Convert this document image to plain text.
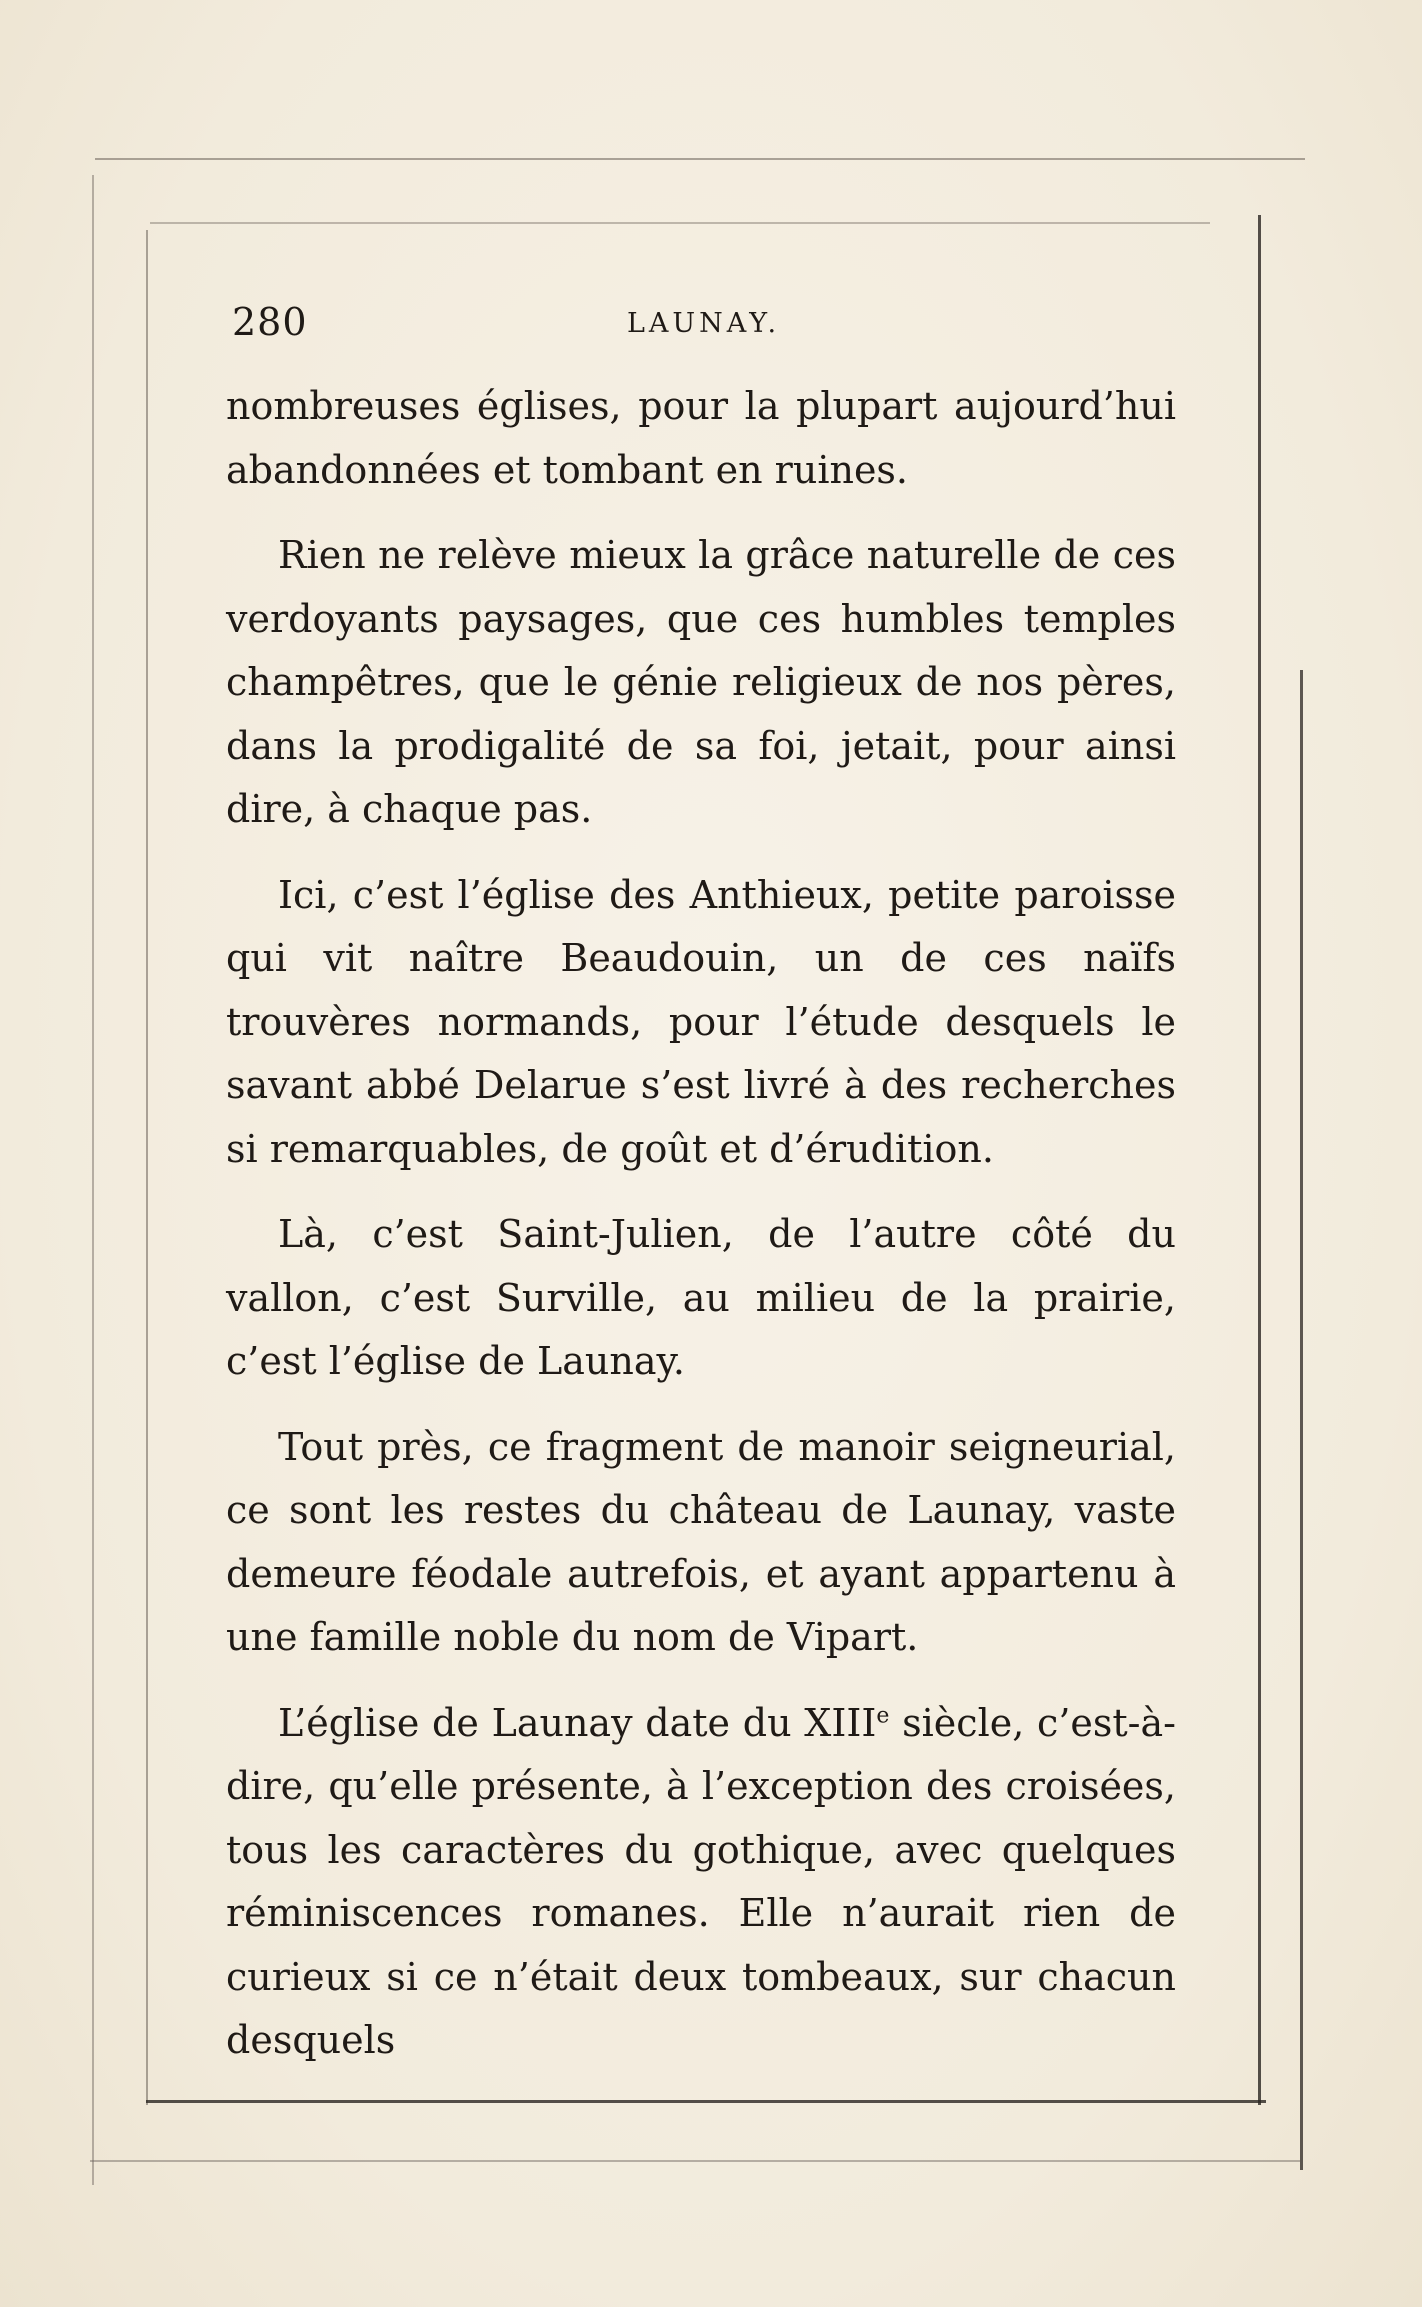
280	LAUNAY.

nombreuses églises, pour la plupart aujourd’hui abandonnées et tombant en ruines.

Rien ne relève mieux la grâce naturelle de ces verdoyants paysages, que ces humbles temples champêtres, que le génie religieux de nos pères, dans la prodigalité de sa foi, jetait, pour ainsi dire, à chaque pas.

Ici, c’est l’église des Anthieux, petite paroisse qui vit naître Beaudouin, un de ces naïfs trouvères normands, pour l’étude desquels le savant abbé Delarue s’est livré à des recherches si remarquables, de goût et d’érudition.

Là, c’est Saint-Julien, de l’autre côté du vallon, c’est Surville, au milieu de la prairie, c’est l’église de Launay.

Tout près, ce fragment de manoir seigneurial, ce sont les restes du château de Launay, vaste demeure féodale autrefois, et ayant appartenu à une famille noble du nom de Vipart.

L’église de Launay date du XIIIe siècle, c’est-à-dire, qu’elle présente, à l’exception des croisées, tous les caractères du gothique, avec quelques réminiscences romanes. Elle n’aurait rien de curieux si ce n’était deux tombeaux, sur chacun desquels
